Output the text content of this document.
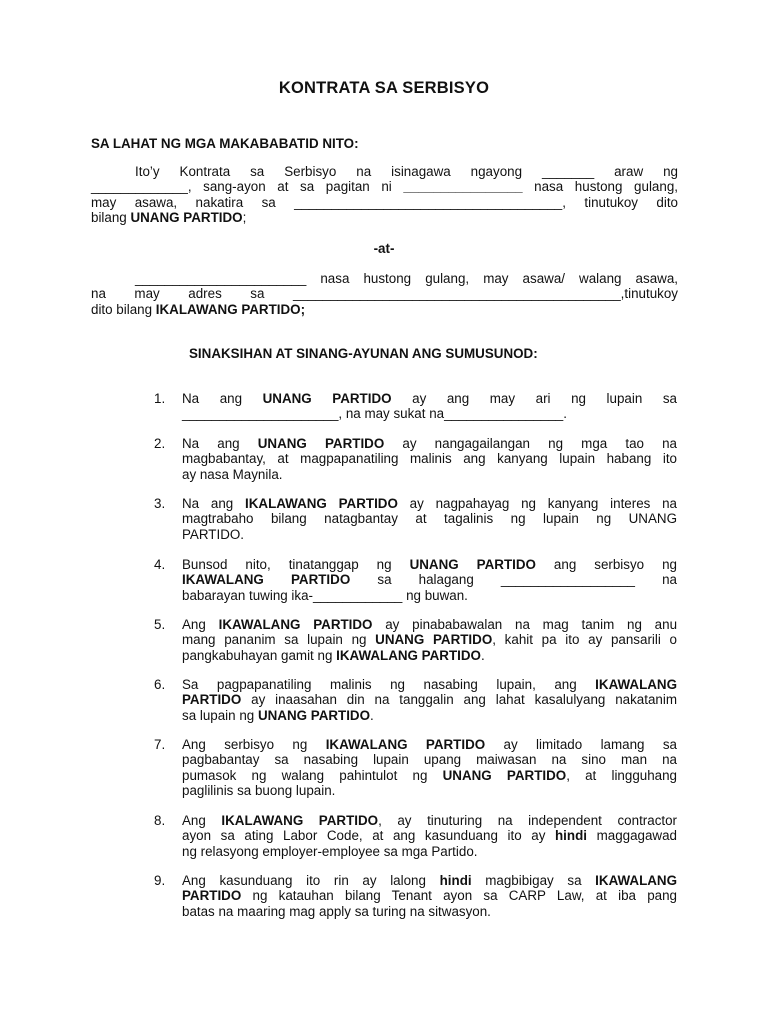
KONTRATA SA SERBISYO
SA LAHAT NG MGA MAKABABATID NITO:
Ito’y Kontrata sa Serbisyo na isinagawa ngayong _______ araw ng
_____________, sang-ayon at sa pagitan ni ________________ nasa hustong gulang,
may asawa, nakatira sa ____________________________________, tinutukoy dito
bilang UNANG PARTIDO;
-at-
_______________________ nasa hustong gulang, may asawa/ walang asawa,
na may adres sa ____________________________________________,tinutukoy
dito bilang IKALAWANG PARTIDO;
SINAKSIHAN AT SINANG-AYUNAN ANG SUMUSUNOD:
1.	Na ang UNANG PARTIDO ay ang may ari ng lupain sa
_____________________, na may sukat na________________.
2.	Na ang UNANG PARTIDO ay nangagailangan ng mga tao na
magbabantay, at magpapanatiling malinis ang kanyang lupain habang ito
ay nasa Maynila.
3.	Na ang IKALAWANG PARTIDO ay nagpahayag ng kanyang interes na
magtrabaho bilang natagbantay at tagalinis ng lupain ng UNANG
PARTIDO.
4.	Bunsod nito, tinatanggap ng UNANG PARTIDO ang serbisyo ng
IKAWALANG PARTIDO sa halagang __________________ na
babarayan tuwing ika-____________ ng buwan.
5.	Ang IKAWALANG PARTIDO ay pinababawalan na mag tanim ng anu
mang pananim sa lupain ng UNANG PARTIDO, kahit pa ito ay pansarili o
pangkabuhayan gamit ng IKAWALANG PARTIDO.
6.	Sa pagpapanatiling malinis ng nasabing lupain, ang IKAWALANG
PARTIDO ay inaasahan din na tanggalin ang lahat kasalulyang nakatanim
sa lupain ng UNANG PARTIDO.
7.	Ang serbisyo ng IKAWALANG PARTIDO ay limitado lamang sa
pagbabantay sa nasabing lupain upang maiwasan na sino man na
pumasok ng walang pahintulot ng UNANG PARTIDO, at lingguhang
paglilinis sa buong lupain.
8.	Ang IKALAWANG PARTIDO, ay tinuturing na independent contractor
ayon sa ating Labor Code, at ang kasunduang ito ay hindi maggagawad
ng relasyong employer-employee sa mga Partido.
9.	Ang kasunduang ito rin ay lalong hindi magbibigay sa IKAWALANG
PARTIDO ng katauhan bilang Tenant ayon sa CARP Law, at iba pang
batas na maaring mag apply sa turing na sitwasyon.
